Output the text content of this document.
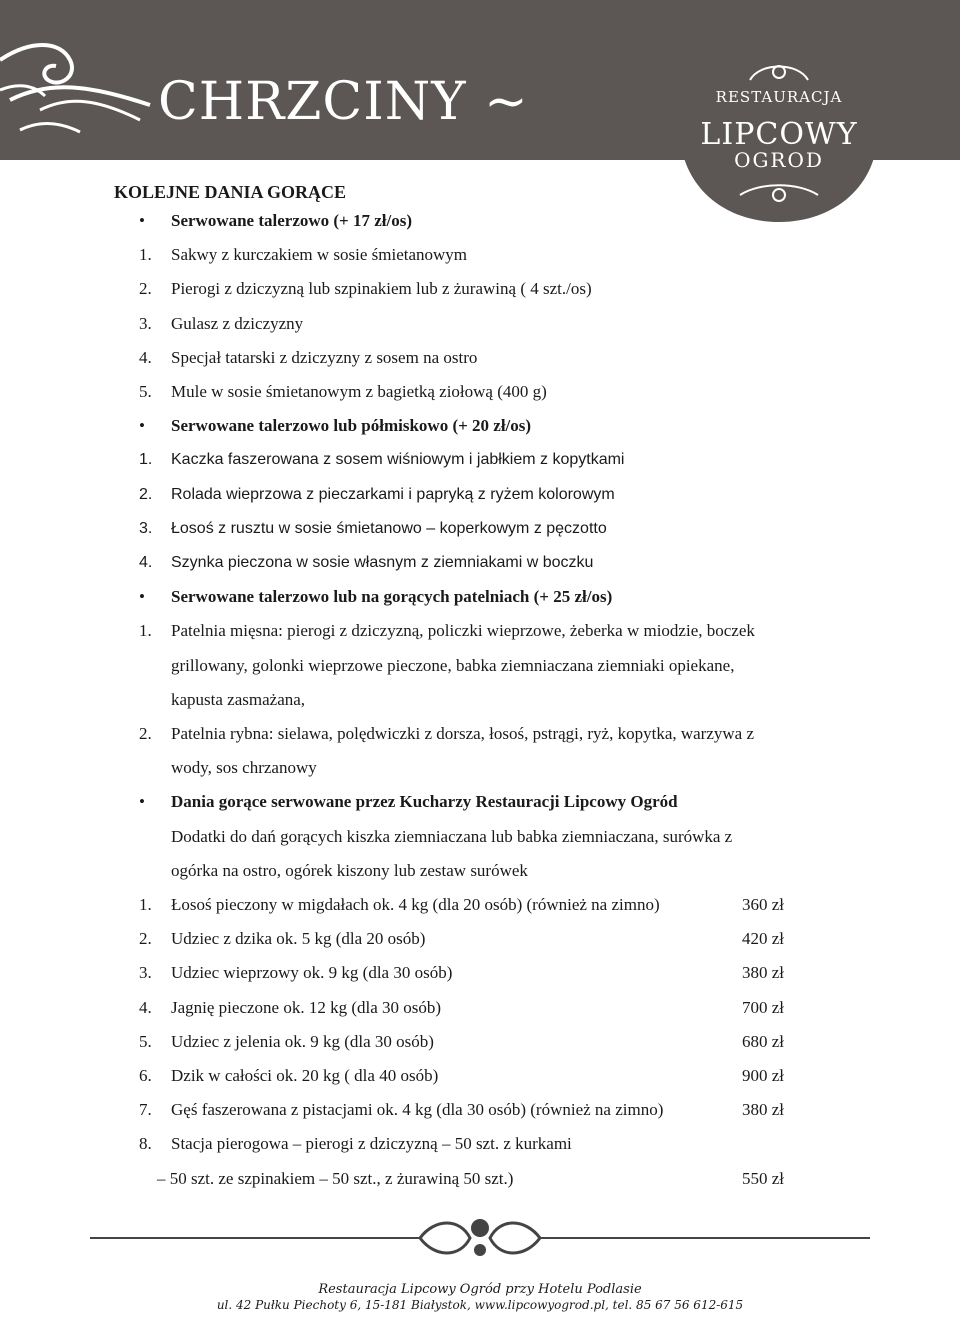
CHRZCINY ~	RESTAURACJA
LIPCOWY
OGROD
KOLEJNE DANIA GORĄCE
• Serwowane talerzowo (+ 17 zł/os)
1. Sakwy z kurczakiem w sosie śmietanowym
2. Pierogi z dziczyzną lub szpinakiem lub z żurawiną ( 4 szt./os)
3. Gulasz z dziczyzny
4. Specjał tatarski z dziczyzny z sosem na ostro
5. Mule w sosie śmietanowym z bagietką ziołową (400 g)
• Serwowane talerzowo lub półmiskowo (+ 20 zł/os)
1. Kaczka faszerowana z sosem wiśniowym i jabłkiem z kopytkami
2. Rolada wieprzowa z pieczarkami i papryką z ryżem kolorowym
3. Łosoś z rusztu w sosie śmietanowo – koperkowym z pęczotto
4. Szynka pieczona w sosie własnym z ziemniakami w boczku
• Serwowane talerzowo lub na gorących patelniach (+ 25 zł/os)
1. Patelnia mięsna: pierogi z dziczyzną, policzki wieprzowe, żeberka w miodzie, boczek
grillowany, golonki wieprzowe pieczone, babka ziemniaczana ziemniaki opiekane,
kapusta zasmażana,
2. Patelnia rybna: sielawa, polędwiczki z dorsza, łosoś, pstrągi, ryż, kopytka, warzywa z
wody, sos chrzanowy
• Dania gorące serwowane przez Kucharzy Restauracji Lipcowy Ogród
Dodatki do dań gorących kiszka ziemniaczana lub babka ziemniaczana, surówka z
ogórka na ostro, ogórek kiszony lub zestaw surówek
1. Łosoś pieczony w migdałach ok. 4 kg (dla 20 osób) (również na zimno)	360 zł
2. Udziec z dzika ok. 5 kg (dla 20 osób)	420 zł
3. Udziec wieprzowy ok. 9 kg (dla 30 osób)	380 zł
4. Jagnię pieczone ok. 12 kg (dla 30 osób)	700 zł
5. Udziec z jelenia ok. 9 kg (dla 30 osób)	680 zł
6. Dzik w całości ok. 20 kg ( dla 40 osób)	900 zł
7. Gęś faszerowana z pistacjami ok. 4 kg (dla 30 osób) (również na zimno)	380 zł
8. Stacja pierogowa – pierogi z dziczyzną – 50 szt. z kurkami
– 50 szt. ze szpinakiem – 50 szt., z żurawiną 50 szt.)	550 zł
Restauracja Lipcowy Ogród przy Hotelu Podlasie
ul. 42 Pułku Piechoty 6, 15-181 Białystok, www.lipcowyogrod.pl, tel. 85 67 56 612-615
